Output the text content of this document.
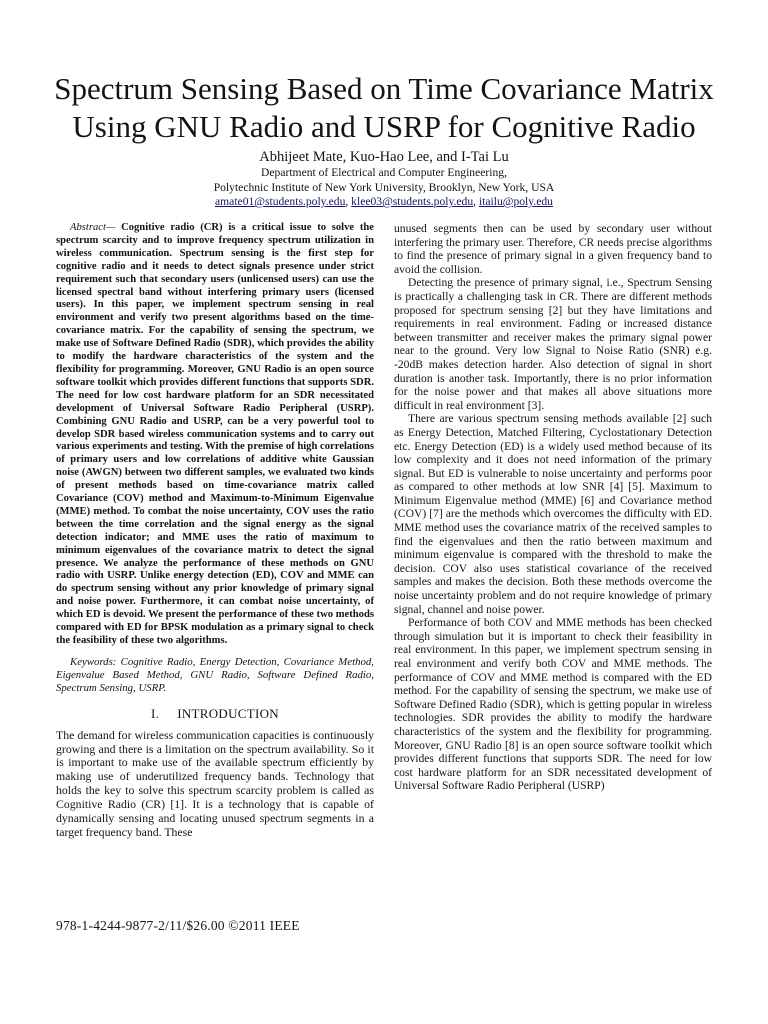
Spectrum Sensing Based on Time Covariance Matrix
Using GNU Radio and USRP for Cognitive Radio
Abhijeet Mate, Kuo-Hao Lee, and I-Tai Lu
Department of Electrical and Computer Engineering,
Polytechnic Institute of New York University, Brooklyn, New York, USA
amate01@students.poly.edu, klee03@students.poly.edu, itailu@poly.edu

Abstract— Cognitive radio (CR) is a critical issue to solve the spectrum scarcity and to improve frequency spectrum utilization in wireless communication. Spectrum sensing is the first step for cognitive radio and it needs to detect signals presence under strict requirement such that secondary users (unlicensed users) can use the licensed spectral band without interfering primary users (licensed users). In this paper, we implement spectrum sensing in real environment and verify two present algorithms based on the time-covariance matrix. For the capability of sensing the spectrum, we make use of Software Defined Radio (SDR), which provides the ability to modify the hardware characteristics of the system and the flexibility for programming. Moreover, GNU Radio is an open source software toolkit which provides different functions that supports SDR. The need for low cost hardware platform for an SDR necessitated development of Universal Software Radio Peripheral (USRP). Combining GNU Radio and USRP, can be a very powerful tool to develop SDR based wireless communication systems and to carry out various experiments and testing. With the premise of high correlations of primary users and low correlations of additive white Gaussian noise (AWGN) between two different samples, we evaluated two kinds of present methods based on time-covariance matrix called Covariance (COV) method and Maximum-to-Minimum Eigenvalue (MME) method. To combat the noise uncertainty, COV uses the ratio between the time correlation and the signal energy as the signal detection indicator; and MME uses the ratio of maximum to minimum eigenvalues of the covariance matrix to detect the signal presence. We analyze the performance of these methods on GNU radio with USRP. Unlike energy detection (ED), COV and MME can do spectrum sensing without any prior knowledge of primary signal and noise power. Furthermore, it can combat noise uncertainty, of which ED is devoid. We present the performance of these two methods compared with ED for BPSK modulation as a primary signal to check the feasibility of these two algorithms.

Keywords: Cognitive Radio, Energy Detection, Covariance Method, Eigenvalue Based Method, GNU Radio, Software Defined Radio, Spectrum Sensing, USRP.

I. INTRODUCTION

The demand for wireless communication capacities is continuously growing and there is a limitation on the spectrum availability. So it is important to make use of the available spectrum efficiently by making use of underutilized frequency bands. Technology that holds the key to solve this spectrum scarcity problem is called as Cognitive Radio (CR) [1]. It is a technology that is capable of dynamically sensing and locating unused spectrum segments in a target frequency band. These

unused segments then can be used by secondary user without interfering the primary user. Therefore, CR needs precise algorithms to find the presence of primary signal in a given frequency band to avoid the collision.

Detecting the presence of primary signal, i.e., Spectrum Sensing is practically a challenging task in CR. There are different methods proposed for spectrum sensing [2] but they have limitations and requirements in real environment. Fading or increased distance between transmitter and receiver makes the primary signal power near to the ground. Very low Signal to Noise Ratio (SNR) e.g. -20dB makes detection harder. Also detection of signal in short duration is another task. Importantly, there is no prior information for the noise power and that makes all above situations more difficult in real environment [3].

There are various spectrum sensing methods available [2] such as Energy Detection, Matched Filtering, Cyclostationary Detection etc. Energy Detection (ED) is a widely used method because of its low complexity and it does not need information of the primary signal. But ED is vulnerable to noise uncertainty and performs poor as compared to other methods at low SNR [4] [5]. Maximum to Minimum Eigenvalue method (MME) [6] and Covariance method (COV) [7] are the methods which overcomes the difficulty with ED. MME method uses the covariance matrix of the received samples to find the eigenvalues and then the ratio between maximum and minimum eigenvalue is compared with the threshold to make the decision. COV also uses statistical covariance of the received samples and makes the decision. Both these methods overcome the noise uncertainty problem and do not require knowledge of primary signal, channel and noise power.

Performance of both COV and MME methods has been checked through simulation but it is important to check their feasibility in real environment. In this paper, we implement spectrum sensing in real environment and verify both COV and MME methods. The performance of COV and MME method is compared with the ED method. For the capability of sensing the spectrum, we make use of Software Defined Radio (SDR), which is getting popular in wireless technologies. SDR provides the ability to modify the hardware characteristics of the system and the flexibility for programming. Moreover, GNU Radio [8] is an open source software toolkit which provides different functions that supports SDR. The need for low cost hardware platform for an SDR necessitated development of Universal Software Radio Peripheral (USRP)

978-1-4244-9877-2/11/$26.00 ©2011 IEEE
